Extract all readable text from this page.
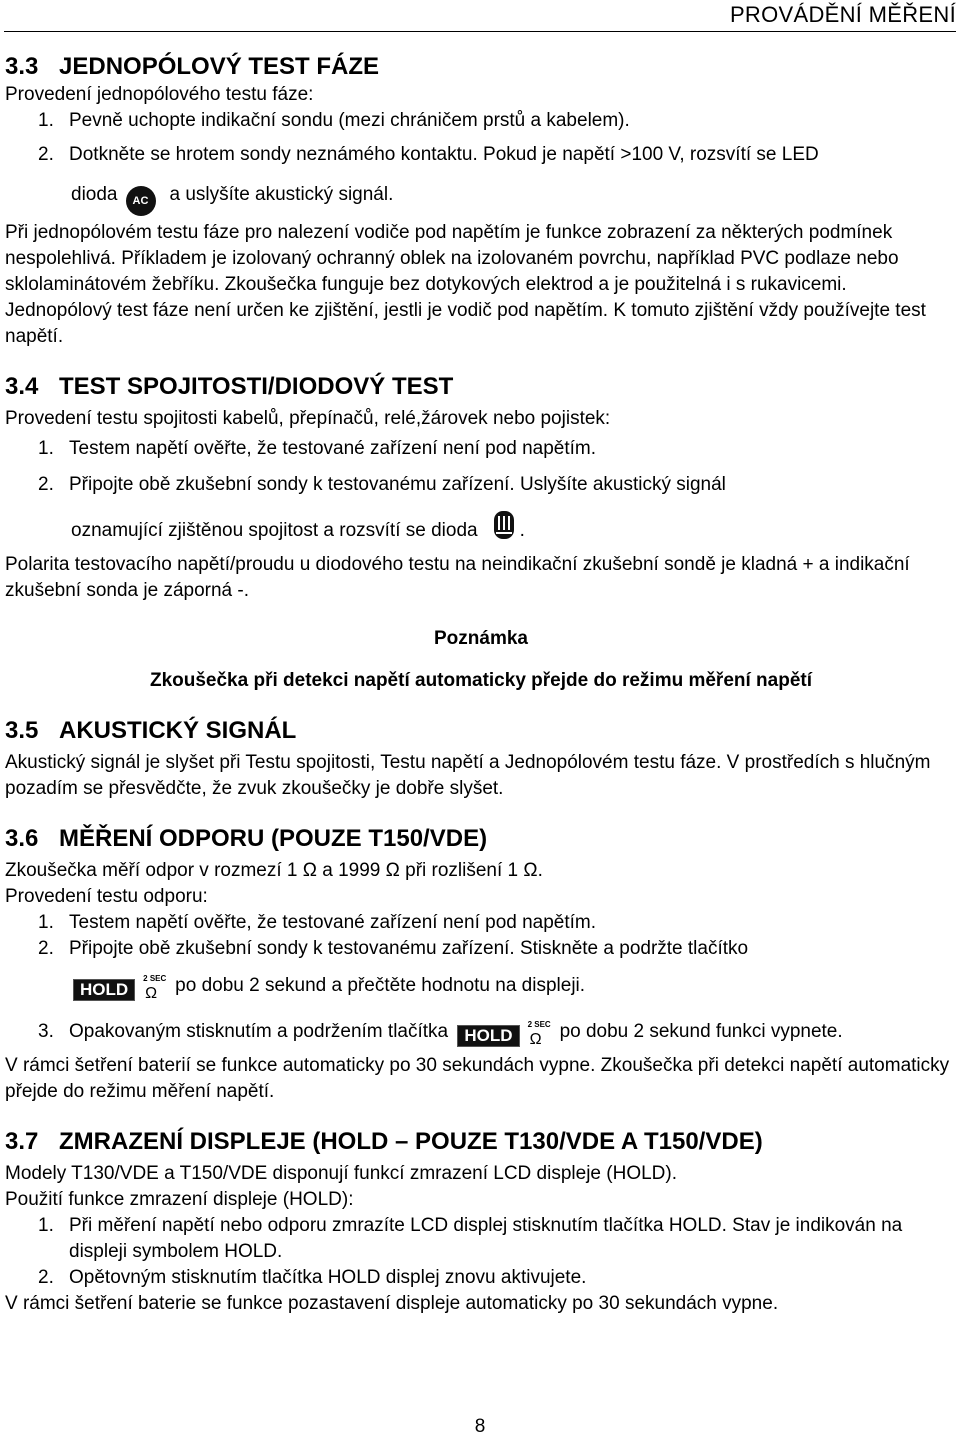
PROVÁDĚNÍ MĚŘENÍ
3.3 JEDNOPÓLOVÝ TEST FÁZE

Provedení jednopólového testu fáze:

1. Pevně uchopte indikační sondu (mezi chráničem prstů a kabelem).
2. Dotkněte se hrotem sondy neznámého kontaktu. Pokud je napětí >100 V, rozsvítí se LED
dioda AC a uslyšíte akustický signál.

Při jednopólovém testu fáze pro nalezení vodiče pod napětím je funkce zobrazení za některých podmínek nespolehlivá. Příkladem je izolovaný ochranný oblek na izolovaném povrchu, například PVC podlaze nebo sklolaminátovém žebříku. Zkoušečka funguje bez dotykových elektrod a je použitelná i s rukavicemi. Jednopólový test fáze není určen ke zjištění, jestli je vodič pod napětím. K tomuto zjištění vždy používejte test napětí.

3.4 TEST SPOJITOSTI/DIODOVÝ TEST

Provedení testu spojitosti kabelů, přepínačů, relé,žárovek nebo pojistek:

1. Testem napětí ověřte, že testované zařízení není pod napětím.
2. Připojte obě zkušební sondy k testovanému zařízení. Uslyšíte akustický signál
oznamující zjištěnou spojitost a rozsvítí se dioda .

Polarita testovacího napětí/proudu u diodového testu na neindikační zkušební sondě je kladná + a indikační zkušební sonda je záporná -.

Poznámka

Zkoušečka při detekci napětí automaticky přejde do režimu měření napětí

3.5 AKUSTICKÝ SIGNÁL

Akustický signál je slyšet při Testu spojitosti, Testu napětí a Jednopólovém testu fáze. V prostředích s hlučným pozadím se přesvědčte, že zvuk zkoušečky je dobře slyšet.

3.6 MĚŘENÍ ODPORU (POUZE T150/VDE)

Zkoušečka měří odpor v rozmezí 1 Ω a 1999 Ω při rozlišení 1 Ω.

Provedení testu odporu:

1. Testem napětí ověřte, že testované zařízení není pod napětím.
2. Připojte obě zkušební sondy k testovanému zařízení. Stiskněte a podržte tlačítko
HOLD
2 SEC
Ω po dobu 2 sekund a přečtěte hodnotu na displeji.
3. Opakovaným stisknutím a podržením tlačítka HOLD
2 SEC
Ω po dobu 2 sekund funkci vypnete.

V rámci šetření baterií se funkce automaticky po 30 sekundách vypne. Zkoušečka při detekci napětí automaticky přejde do režimu měření napětí.

3.7 ZMRAZENÍ DISPLEJE (HOLD – POUZE T130/VDE A T150/VDE)

Modely T130/VDE a T150/VDE disponují funkcí zmrazení LCD displeje (HOLD).

Použití funkce zmrazení displeje (HOLD):

1. Při měření napětí nebo odporu zmrazíte LCD displej stisknutím tlačítka HOLD. Stav je indikován na displeji symbolem HOLD.
2. Opětovným stisknutím tlačítka HOLD displej znovu aktivujete.

V rámci šetření baterie se funkce pozastavení displeje automaticky po 30 sekundách vypne.

8
